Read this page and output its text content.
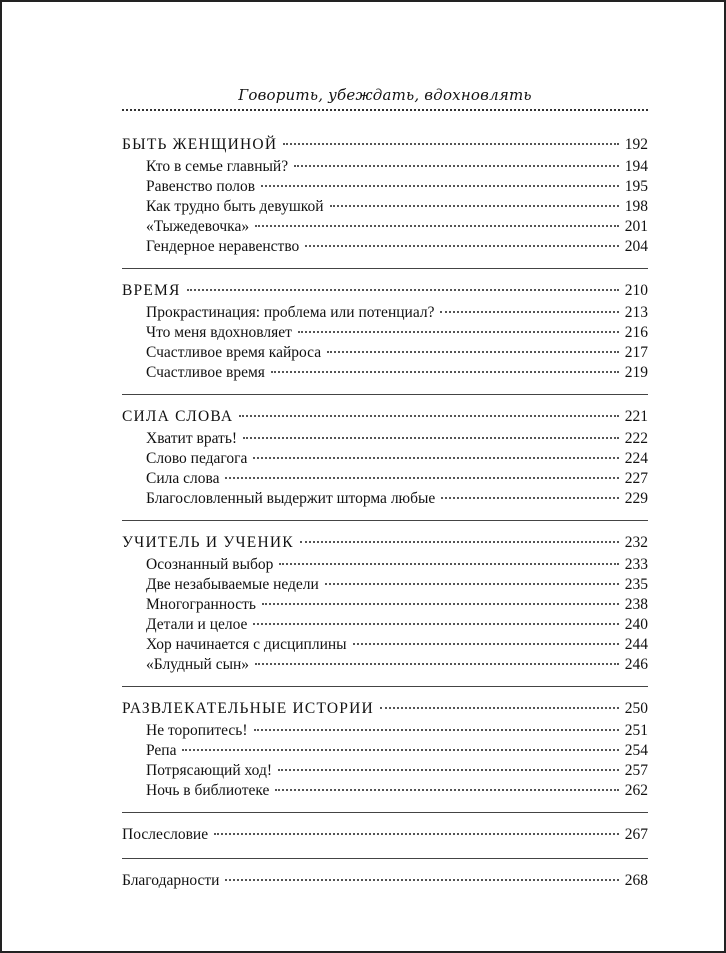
Говорить, убеждать, вдохновлять
БЫТЬ ЖЕНЩИНОЙ	192
Кто в семье главный?	194
Равенство полов	195
Как трудно быть девушкой	198
«Тыжедевочка»	201
Гендерное неравенство	204
ВРЕМЯ	210
Прокрастинация: проблема или потенциал?	213
Что меня вдохновляет	216
Счастливое время кайроса	217
Счастливое время	219
СИЛА СЛОВА	221
Хватит врать!	222
Слово педагога	224
Сила слова	227
Благословленный выдержит шторма любые	229
УЧИТЕЛЬ И УЧЕНИК	232
Осознанный выбор	233
Две незабываемые недели	235
Многогранность	238
Детали и целое	240
Хор начинается с дисциплины	244
«Блудный сын»	246
РАЗВЛЕКАТЕЛЬНЫЕ ИСТОРИИ	250
Не торопитесь!	251
Репа	254
Потрясающий ход!	257
Ночь в библиотеке	262
Послесловие	267
Благодарности	268
